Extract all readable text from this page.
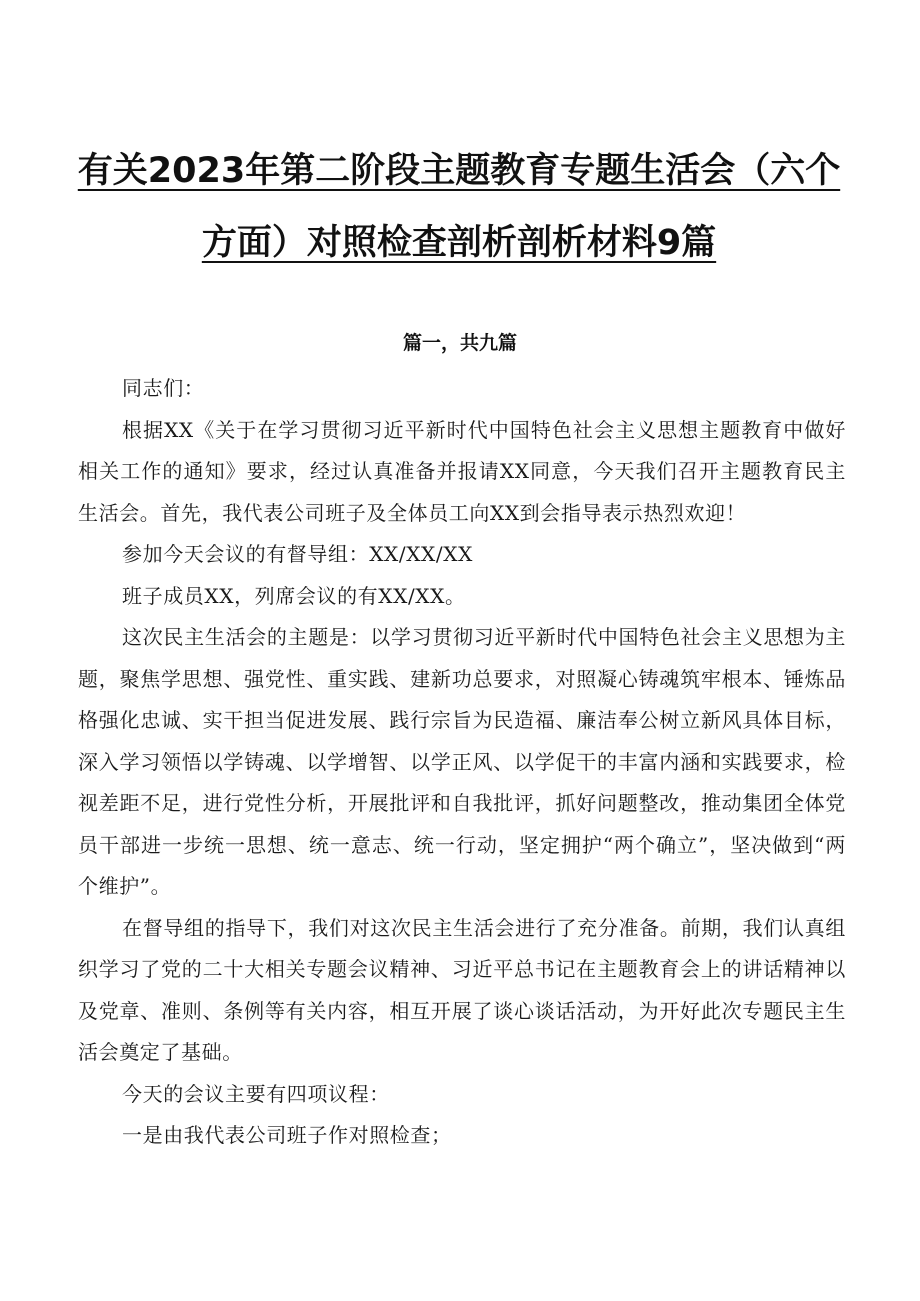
有关2023年第二阶段主题教育专题生活会（六个方面）对照检查剖析剖析材料9篇
篇一，共九篇

同志们：

根据XX《关于在学习贯彻习近平新时代中国特色社会主义思想主题教育中做好相关工作的通知》要求，经过认真准备并报请XX同意，今天我们召开主题教育民主生活会。首先，我代表公司班子及全体员工向XX到会指导表示热烈欢迎！

参加今天会议的有督导组：XX/XX/XX

班子成员XX，列席会议的有XX/XX。

这次民主生活会的主题是：以学习贯彻习近平新时代中国特色社会主义思想为主题，聚焦学思想、强党性、重实践、建新功总要求，对照凝心铸魂筑牢根本、锤炼品格强化忠诚、实干担当促进发展、践行宗旨为民造福、廉洁奉公树立新风具体目标，深入学习领悟以学铸魂、以学增智、以学正风、以学促干的丰富内涵和实践要求，检视差距不足，进行党性分析，开展批评和自我批评，抓好问题整改，推动集团全体党员干部进一步统一思想、统一意志、统一行动，坚定拥护“两个确立”，坚决做到“两个维护”。

在督导组的指导下，我们对这次民主生活会进行了充分准备。前期，我们认真组织学习了党的二十大相关专题会议精神、习近平总书记在主题教育会上的讲话精神以及党章、准则、条例等有关内容，相互开展了谈心谈话活动，为开好此次专题民主生活会奠定了基础。

今天的会议主要有四项议程：

一是由我代表公司班子作对照检查；
